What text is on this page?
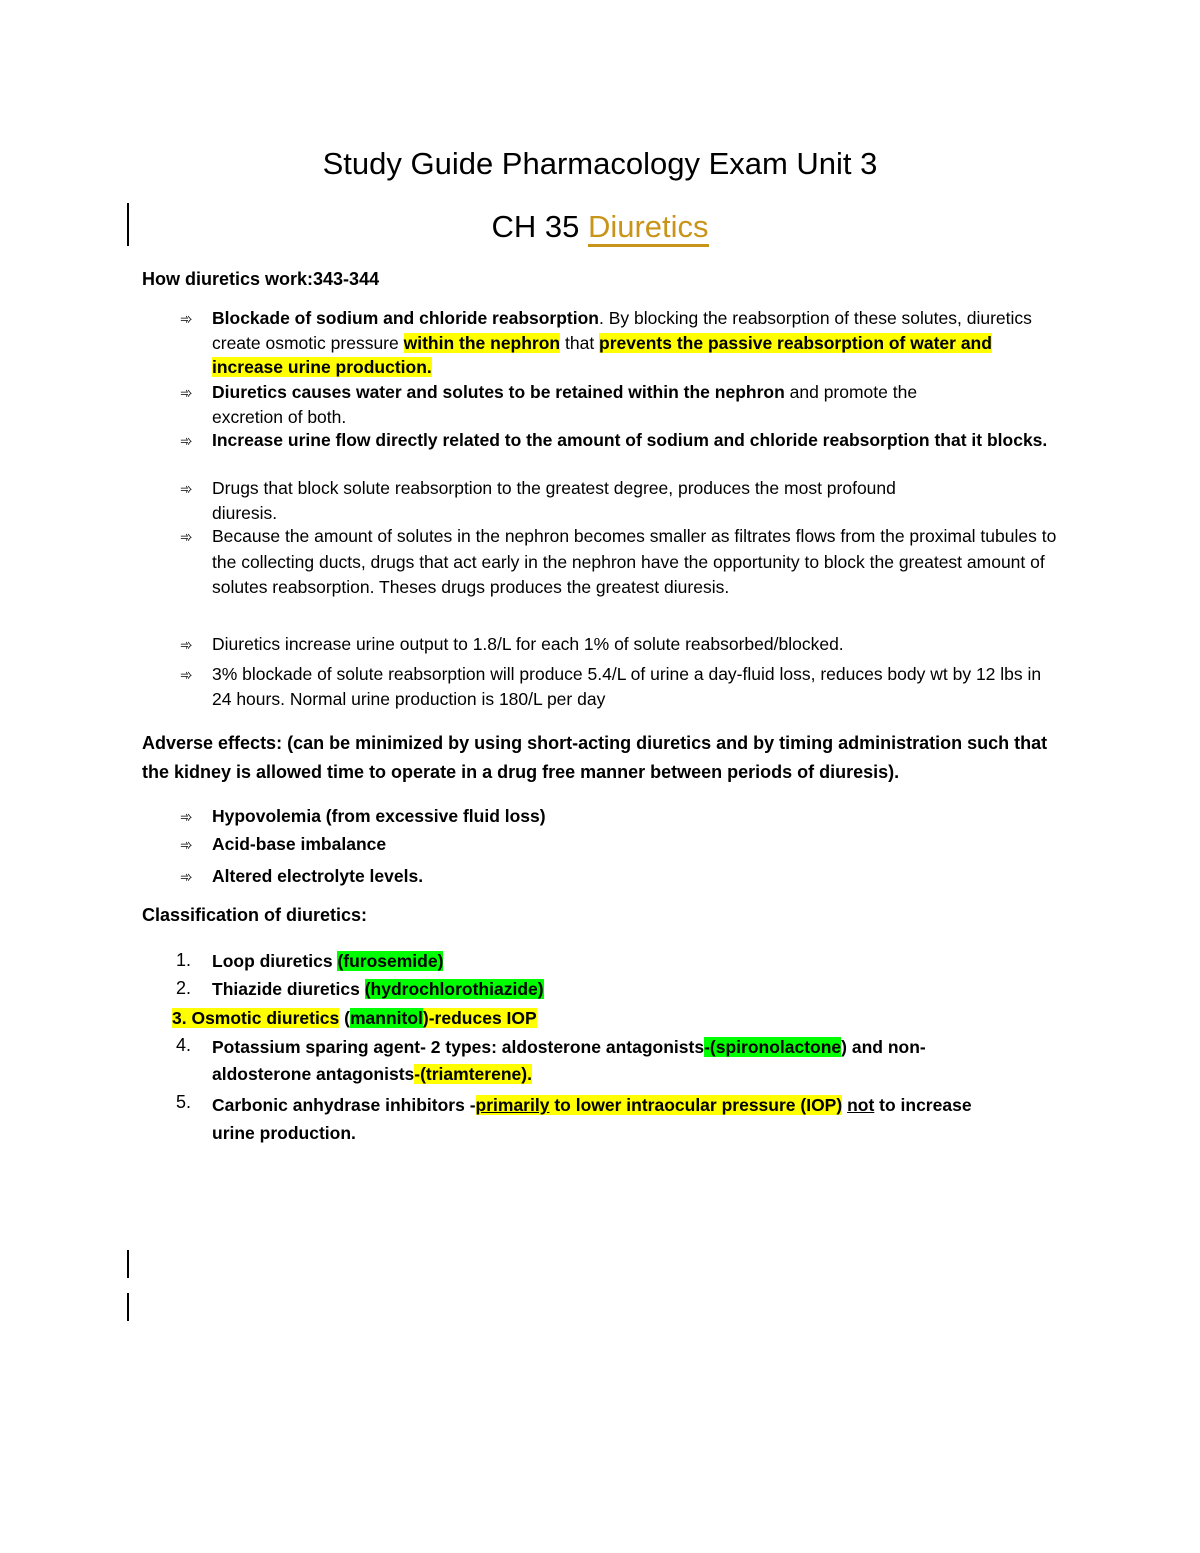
Study Guide Pharmacology Exam Unit 3
CH 35 Diuretics
How diuretics work:343-344
➾	Blockade of sodium and chloride reabsorption. By blocking the reabsorption of these solutes, diuretics create osmotic pressure within the nephron that prevents the passive reabsorption of water and increase urine production.
➾	Diuretics causes water and solutes to be retained within the nephron and promote the excretion of both.
➾	Increase urine flow directly related to the amount of sodium and chloride reabsorption that it blocks.
➾	Drugs that block solute reabsorption to the greatest degree, produces the most profound diuresis.
➾	Because the amount of solutes in the nephron becomes smaller as filtrates flows from the proximal tubules to the collecting ducts, drugs that act early in the nephron have the opportunity to block the greatest amount of solutes reabsorption. Theses drugs produces the greatest diuresis.
➾	Diuretics increase urine output to 1.8/L for each 1% of solute reabsorbed/blocked.
➾	3% blockade of solute reabsorption will produce 5.4/L of urine a day-fluid loss, reduces body wt by 12 lbs in 24 hours. Normal urine production is 180/L per day
Adverse effects: (can be minimized by using short-acting diuretics and by timing administration such that the kidney is allowed time to operate in a drug free manner between periods of diuresis).
➾	Hypovolemia (from excessive fluid loss)
➾	Acid-base imbalance
➾	Altered electrolyte levels.
Classification of diuretics:
1. Loop diuretics (furosemide)
2. Thiazide diuretics (hydrochlorothiazide)
3. Osmotic diuretics (mannitol)-reduces IOP
4. Potassium sparing agent- 2 types: aldosterone antagonists-(spironolactone) and non-aldosterone antagonists-(triamterene).
5. Carbonic anhydrase inhibitors -primarily to lower intraocular pressure (IOP) not to increase urine production.
